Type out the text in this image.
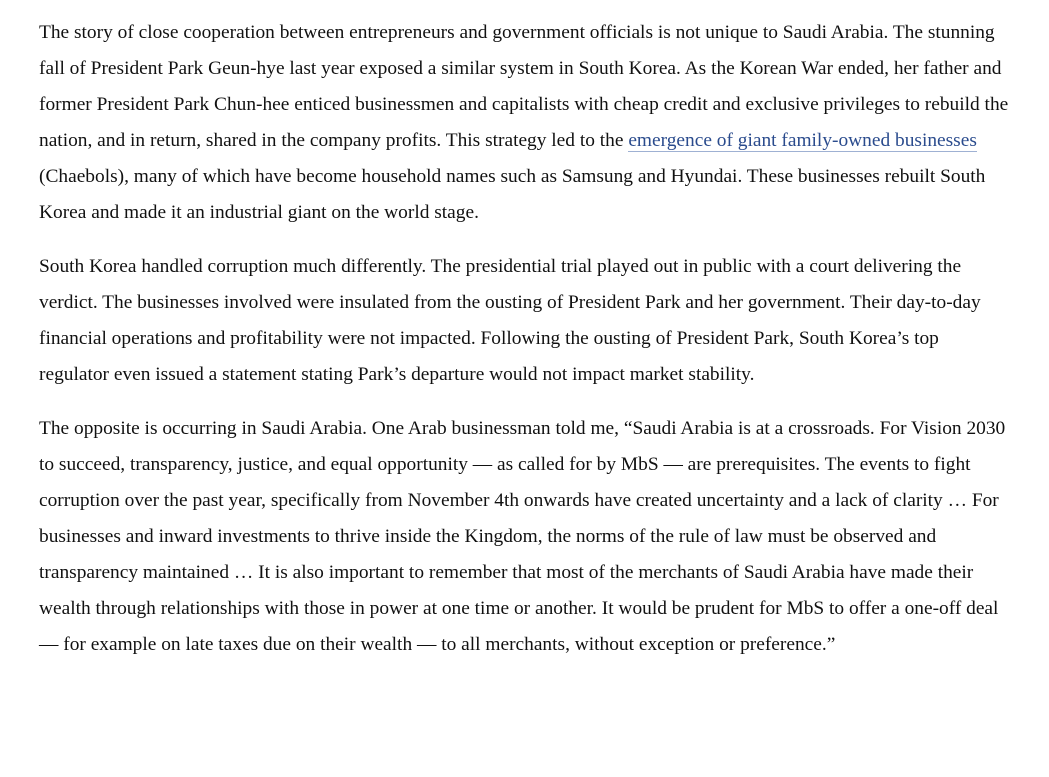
The story of close cooperation between entrepreneurs and government officials is not unique to Saudi Arabia. The stunning fall of President Park Geun-hye last year exposed a similar system in South Korea. As the Korean War ended, her father and former President Park Chun-hee enticed businessmen and capitalists with cheap credit and exclusive privileges to rebuild the nation, and in return, shared in the company profits. This strategy led to the emergence of giant family-owned businesses (Chaebols), many of which have become household names such as Samsung and Hyundai. These businesses rebuilt South Korea and made it an industrial giant on the world stage.

South Korea handled corruption much differently. The presidential trial played out in public with a court delivering the verdict. The businesses involved were insulated from the ousting of President Park and her government. Their day-to-day financial operations and profitability were not impacted. Following the ousting of President Park, South Korea’s top regulator even issued a statement stating Park’s departure would not impact market stability.

The opposite is occurring in Saudi Arabia. One Arab businessman told me, “Saudi Arabia is at a crossroads. For Vision 2030 to succeed, transparency, justice, and equal opportunity — as called for by MbS — are prerequisites. The events to fight corruption over the past year, specifically from November 4th onwards have created uncertainty and a lack of clarity … For businesses and inward investments to thrive inside the Kingdom, the norms of the rule of law must be observed and transparency maintained … It is also important to remember that most of the merchants of Saudi Arabia have made their wealth through relationships with those in power at one time or another. It would be prudent for MbS to offer a one-off deal — for example on late taxes due on their wealth — to all merchants, without exception or preference.”
